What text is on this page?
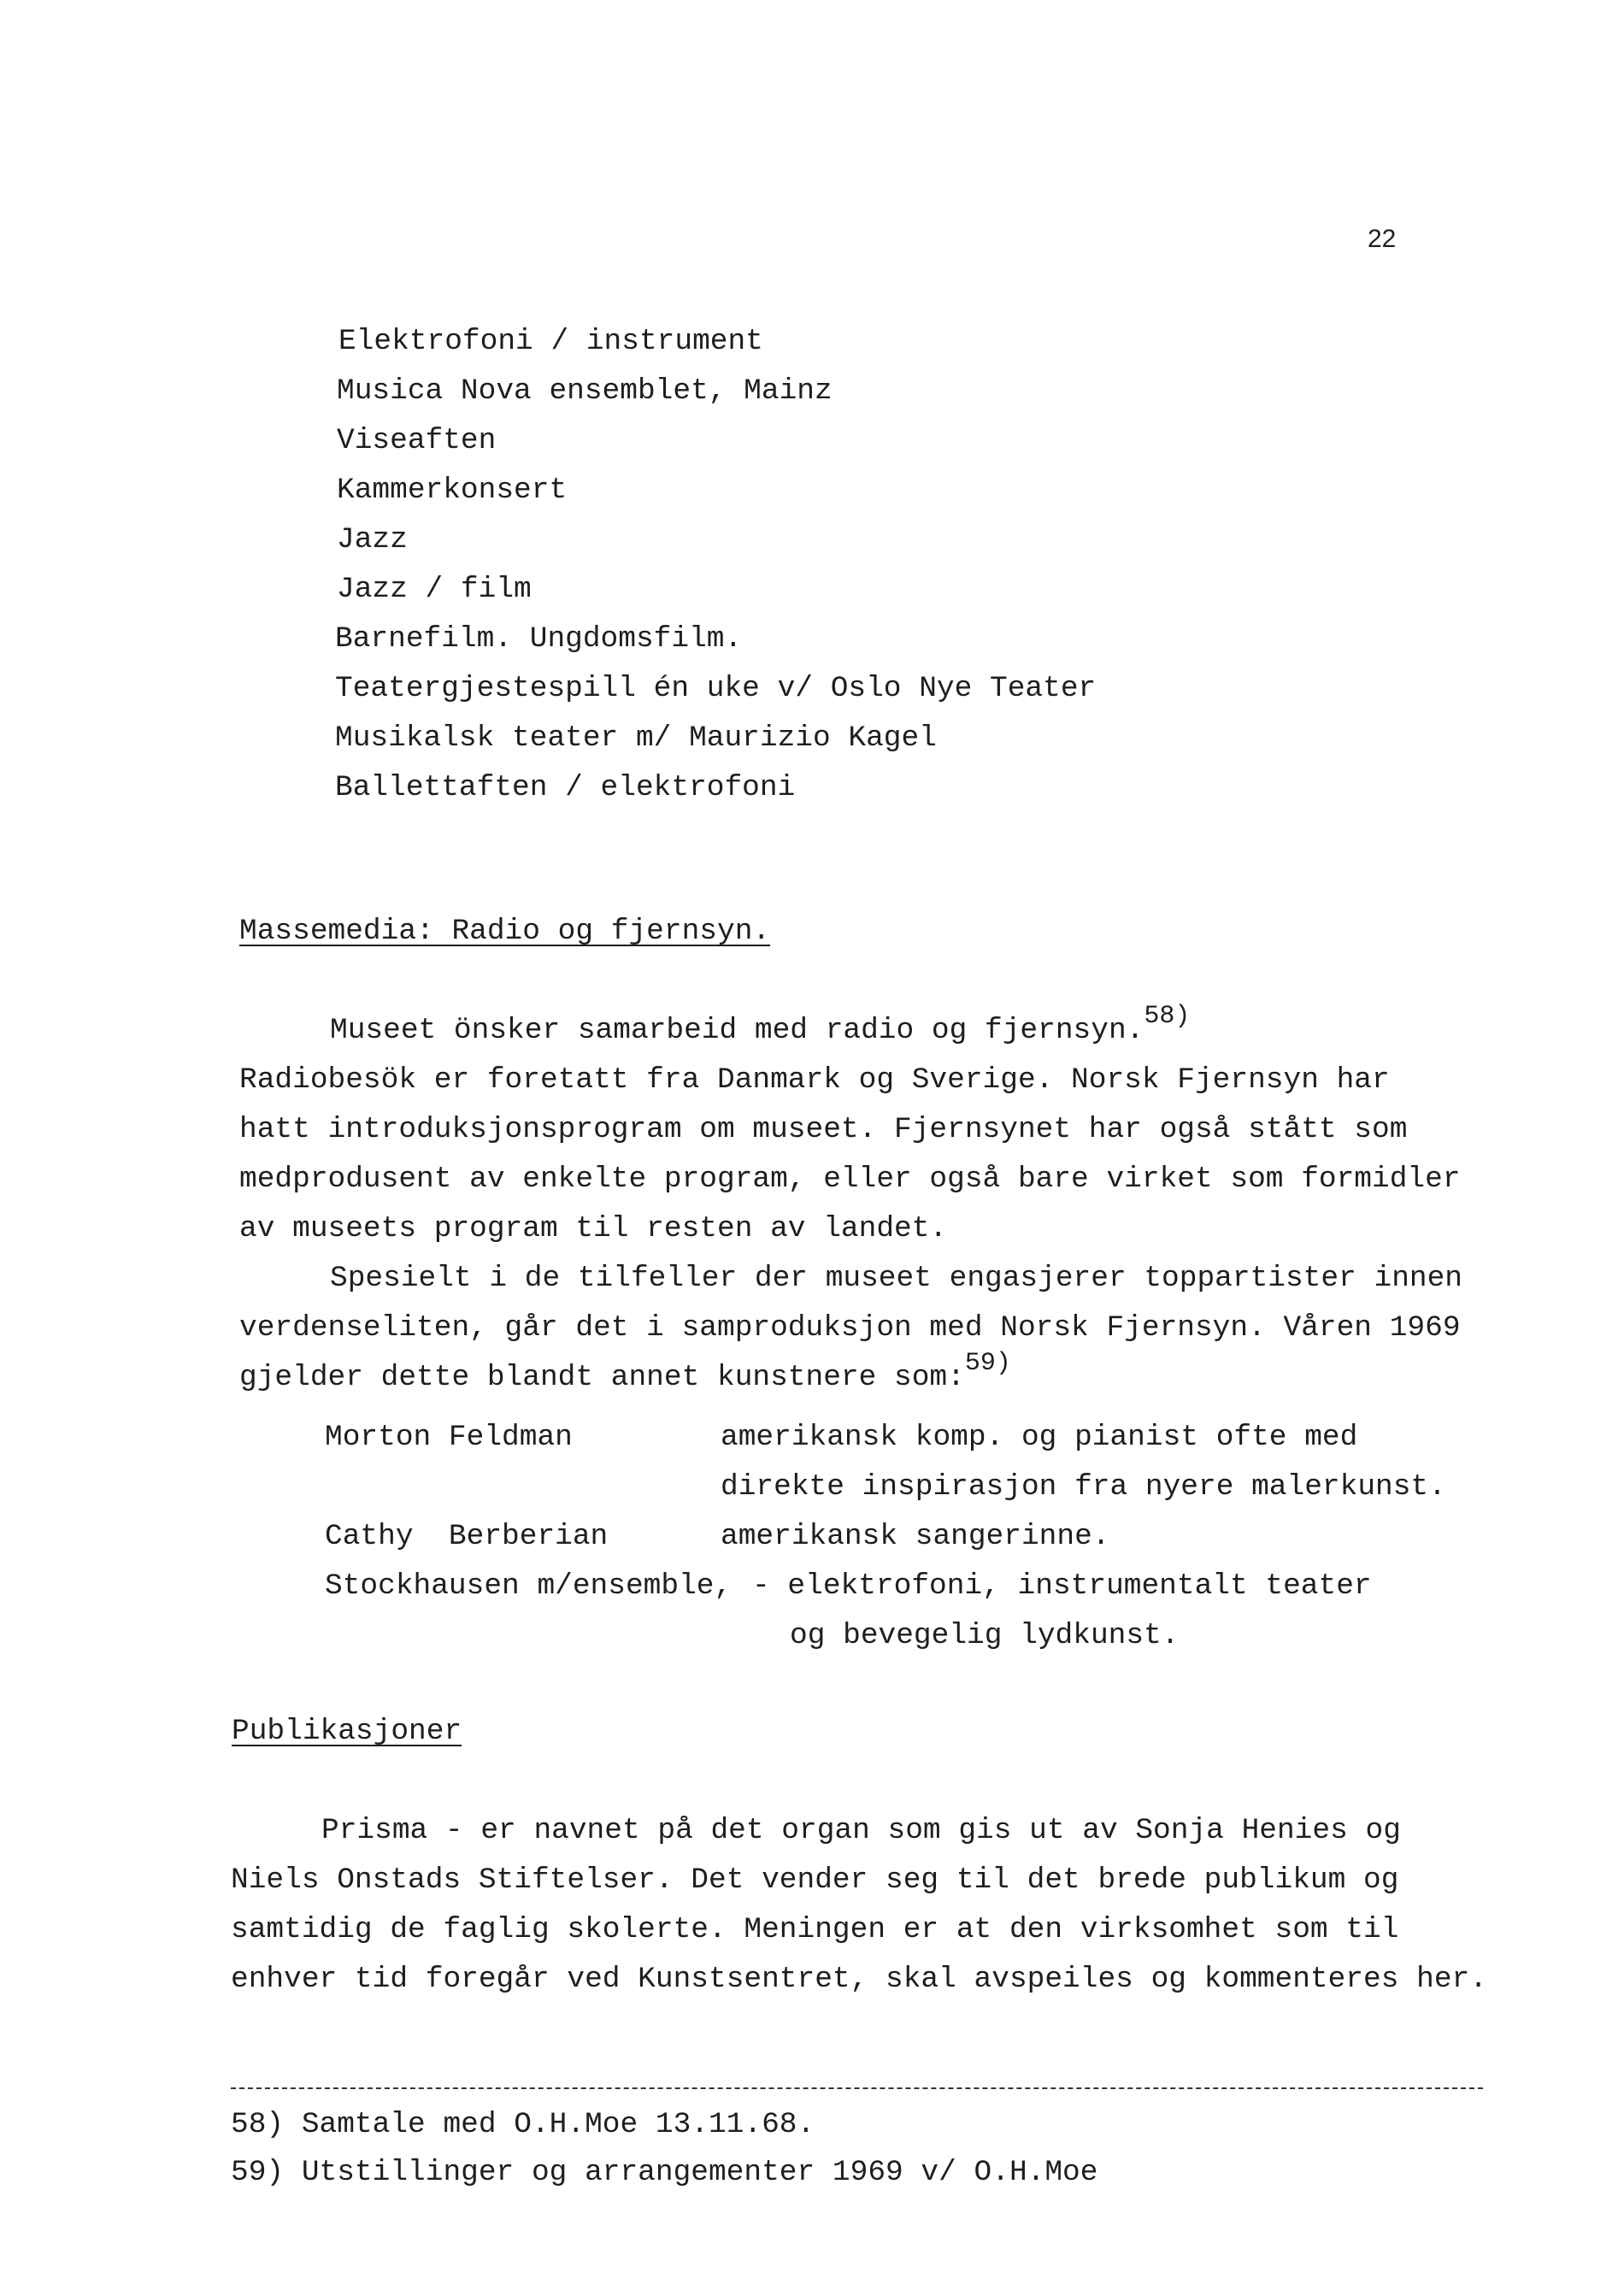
22
Elektrofoni / instrument
Musica Nova ensemblet, Mainz
Viseaften
Kammerkonsert
Jazz
Jazz / film
Barnefilm. Ungdomsfilm.
Teatergjestespill én uke v/ Oslo Nye Teater
Musikalsk teater m/ Maurizio Kagel
Ballettaften / elektrofoni
Massemedia: Radio og fjernsyn.
Museet önsker samarbeid med radio og fjernsyn.58)
Radiobesök er foretatt fra Danmark og Sverige. Norsk Fjernsyn har
hatt introduksjonsprogram om museet. Fjernsynet har også stått som
medprodusent av enkelte program, eller også bare virket som formidler
av museets program til resten av landet.
Spesielt i de tilfeller der museet engasjerer toppartister innen
verdenseliten, går det i samproduksjon med Norsk Fjernsyn. Våren 1969
gjelder dette blandt annet kunstnere som:59)
Morton Feldman	amerikansk komp. og pianist ofte med
direkte inspirasjon fra nyere malerkunst.
Cathy  Berberian	amerikansk sangerinne.
Stockhausen m/ensemble, - elektrofoni, instrumentalt teater
og bevegelig lydkunst.
Publikasjoner
Prisma - er navnet på det organ som gis ut av Sonja Henies og
Niels Onstads Stiftelser. Det vender seg til det brede publikum og
samtidig de faglig skolerte. Meningen er at den virksomhet som til
enhver tid foregår ved Kunstsentret, skal avspeiles og kommenteres her.
58) Samtale med O.H.Moe 13.11.68.
59) Utstillinger og arrangementer 1969 v/ O.H.Moe
